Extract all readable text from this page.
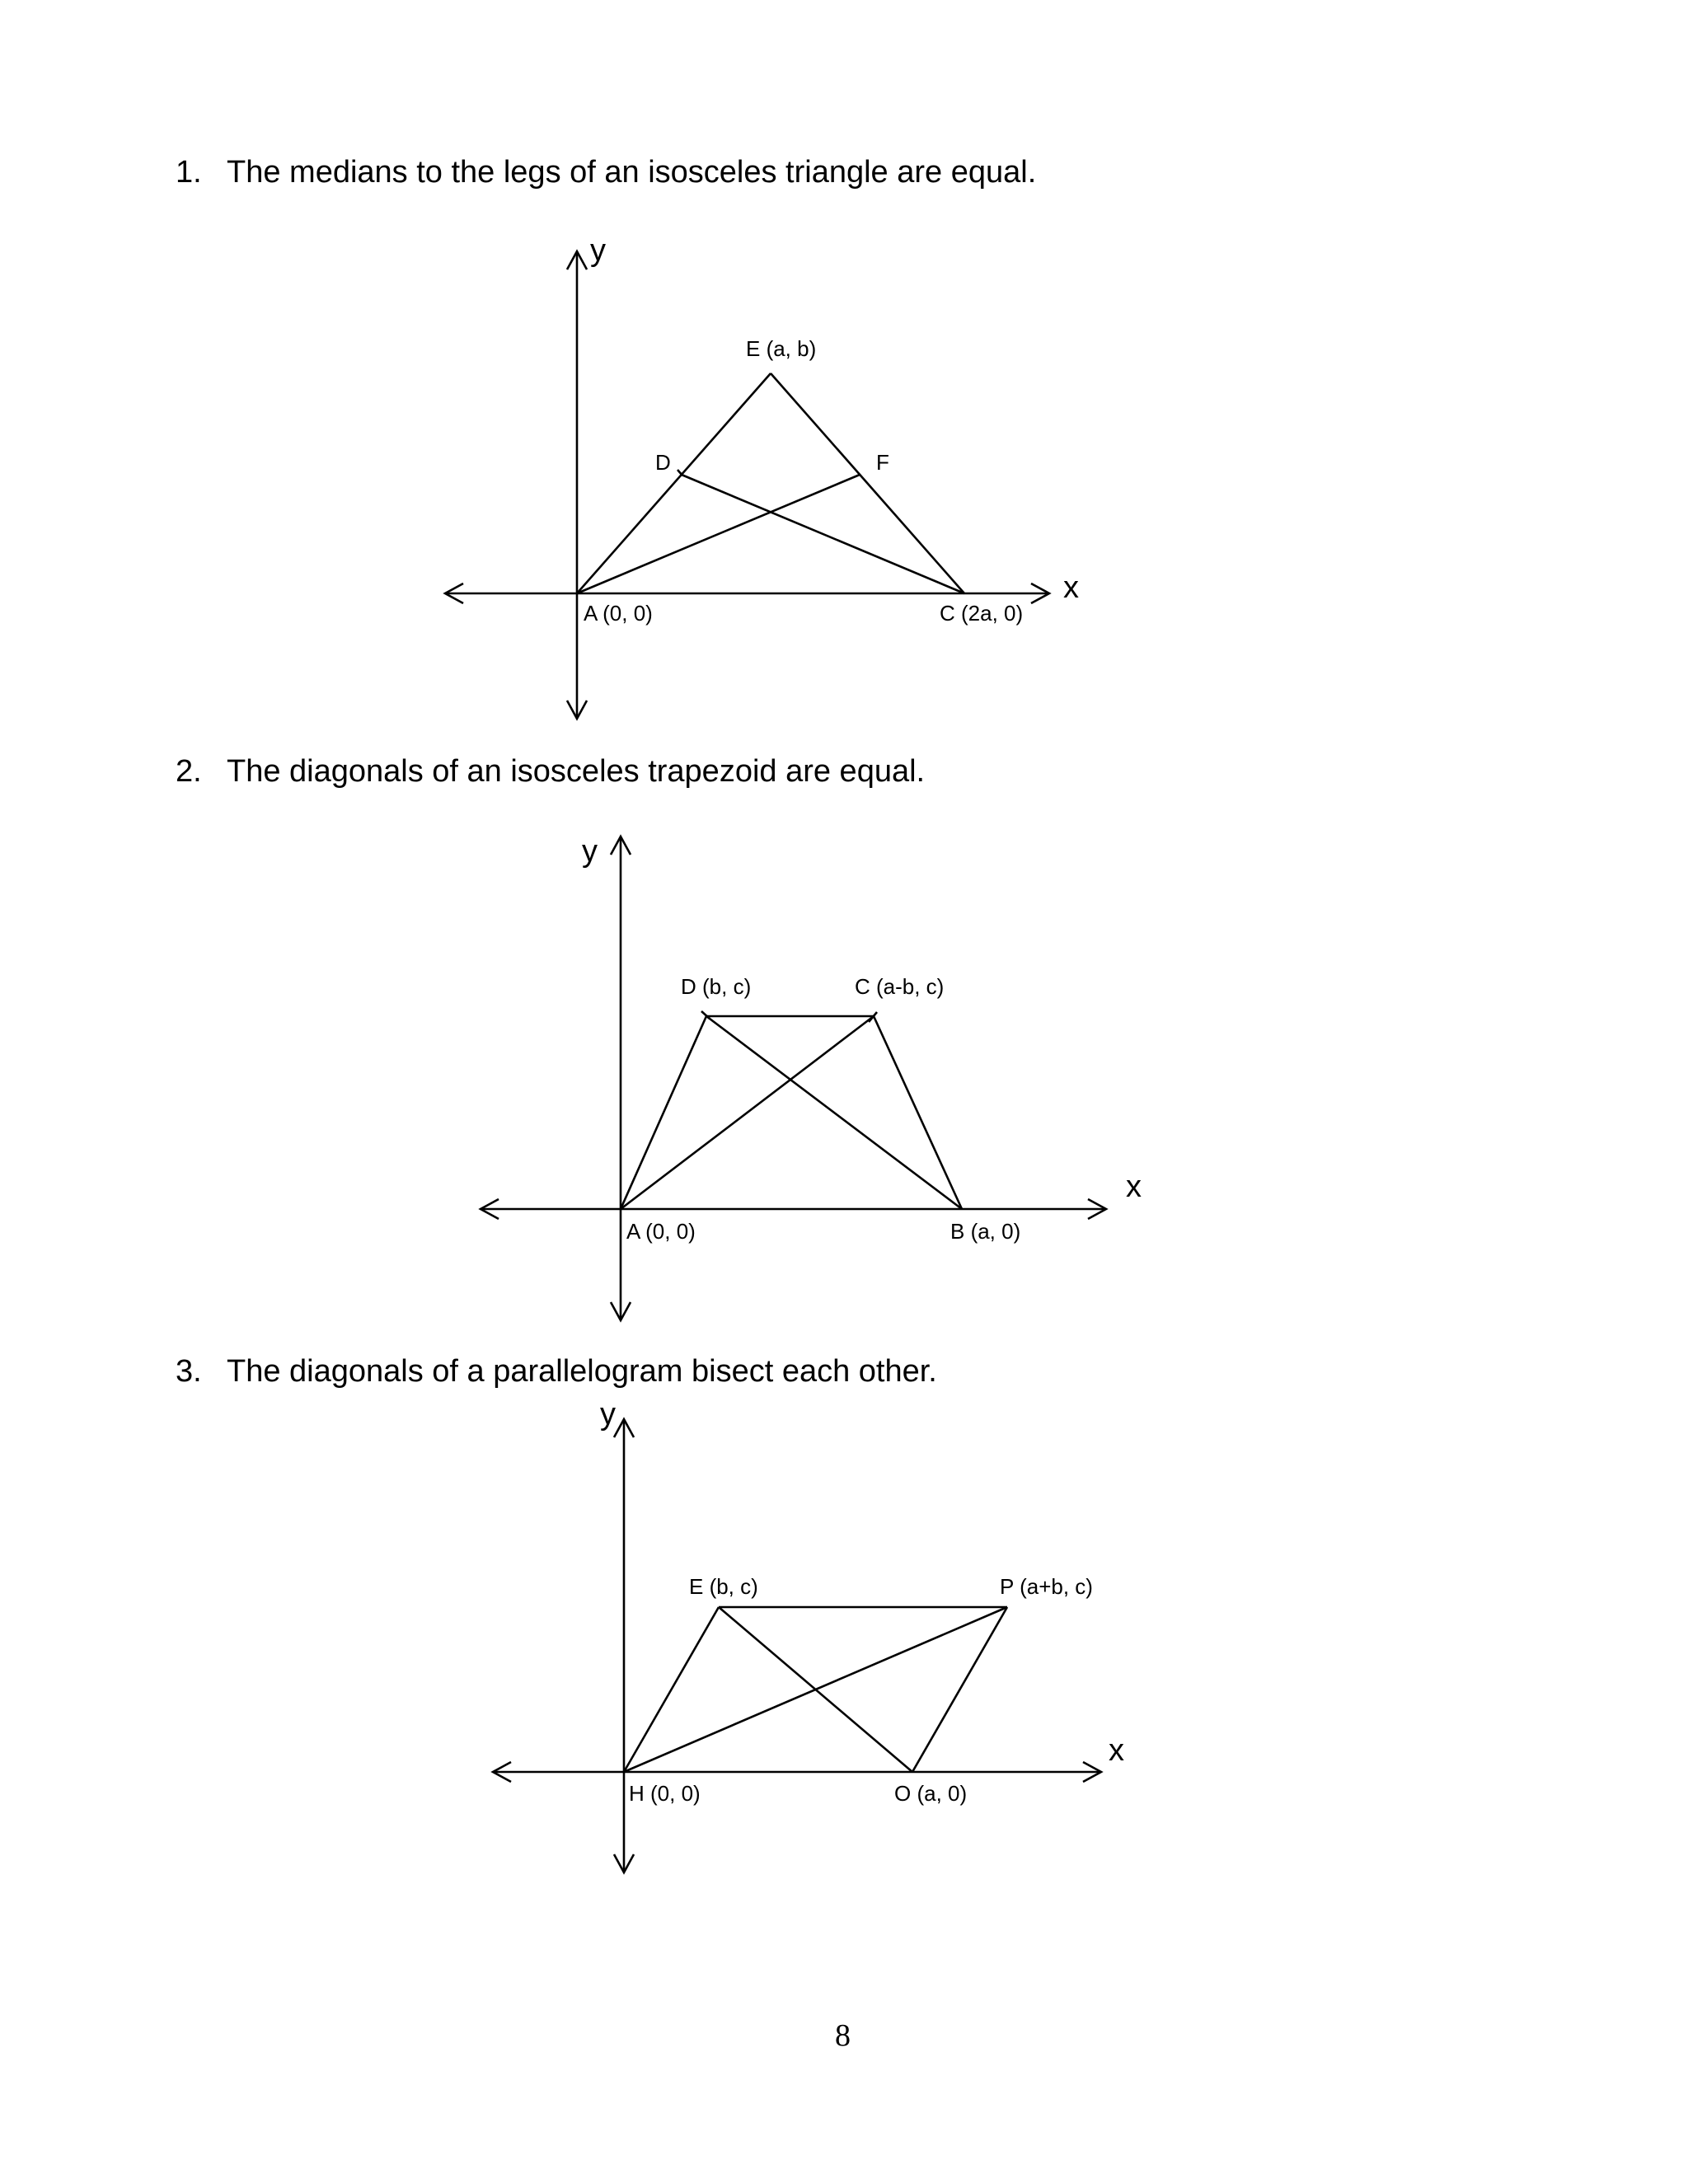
1. The medians to the legs of an isosceles triangle are equal.
y
x
E (a, b)
D	F
A (0, 0)	C (2a, 0)
2. The diagonals of an isosceles trapezoid are equal.
y
x
D (b, c)	C (a-b, c)
A (0, 0)	B (a, 0)
3. The diagonals of a parallelogram bisect each other.
y
x
E (b, c)	P (a+b, c)
H (0, 0)	O (a, 0)
8
